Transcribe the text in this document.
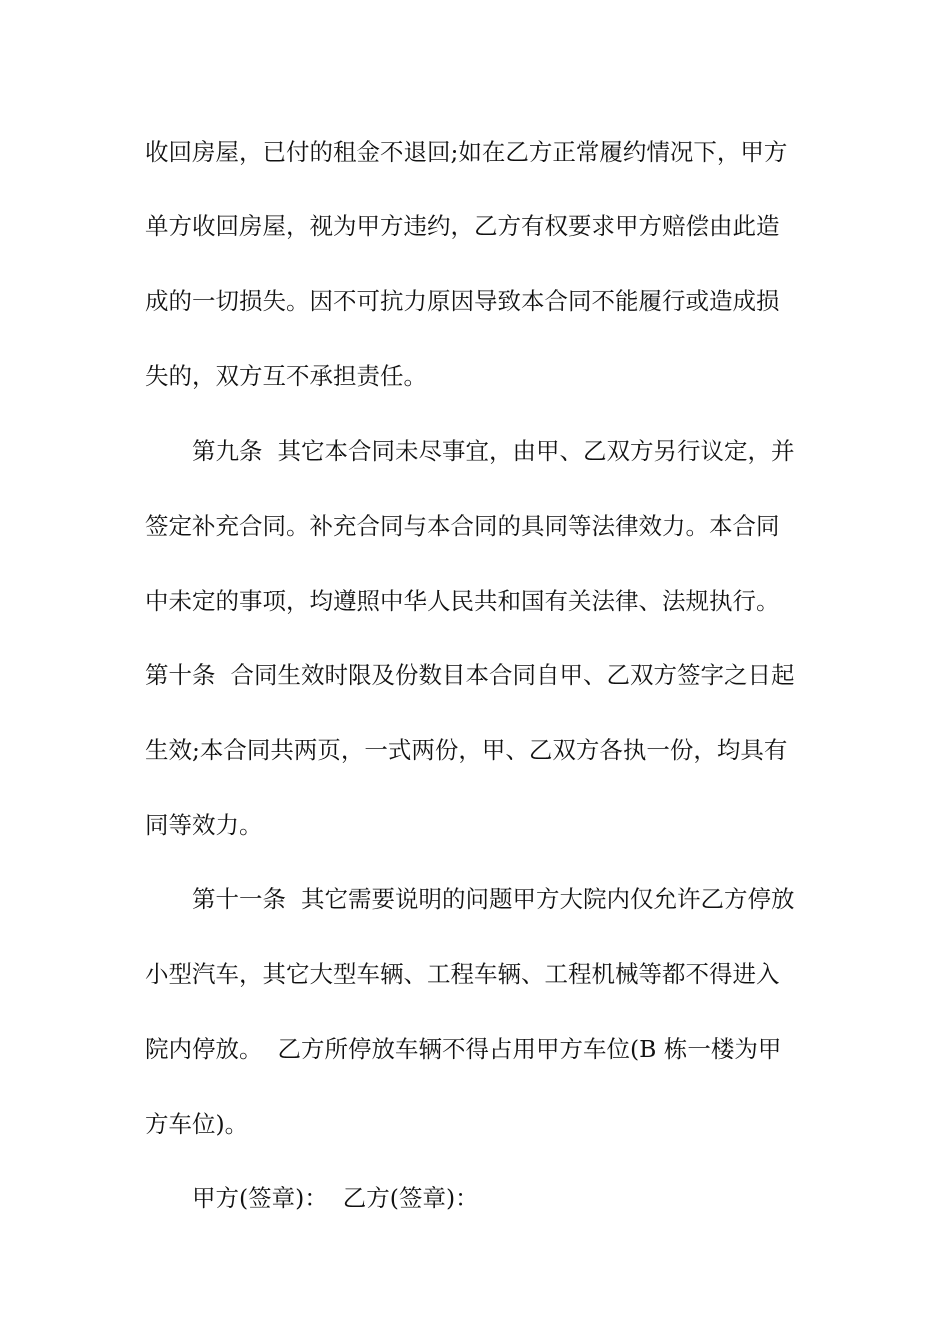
收回房屋，已付的租金不退回;如在乙方正常履约情况下，甲方

单方收回房屋，视为甲方违约，乙方有权要求甲方赔偿由此造

成的一切损失。因不可抗力原因导致本合同不能履行或造成损

失的，双方互不承担责任。

第九条  其它本合同未尽事宜，由甲、乙双方另行议定，并

签定补充合同。补充合同与本合同的具同等法律效力。本合同

中未定的事项，均遵照中华人民共和国有关法律、法规执行。

第十条  合同生效时限及份数目本合同自甲、乙双方签字之日起

生效;本合同共两页，一式两份，甲、乙双方各执一份，均具有

同等效力。

第十一条  其它需要说明的问题甲方大院内仅允许乙方停放

小型汽车，其它大型车辆、工程车辆、工程机械等都不得进入

院内停放。  乙方所停放车辆不得占用甲方车位(B 栋一楼为甲

方车位)。

甲方(签章)：  乙方(签章)：
